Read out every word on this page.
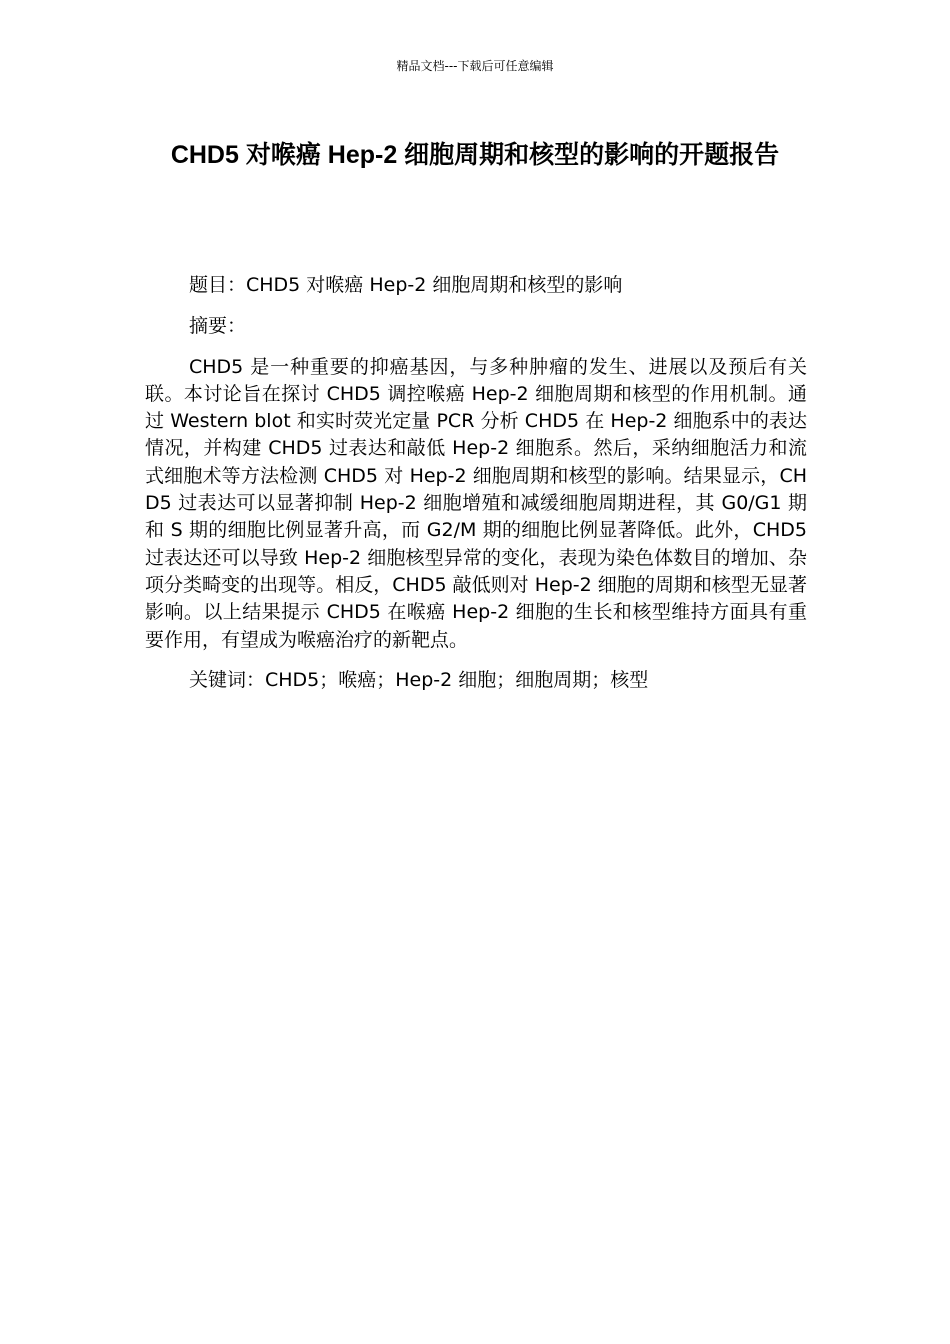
精品文档---下载后可任意编辑
CHD5 对喉癌 Hep-2 细胞周期和核型的影响的开题报告

题目：CHD5 对喉癌 Hep-2 细胞周期和核型的影响

摘要：

CHD5 是一种重要的抑癌基因，与多种肿瘤的发生、进展以及预后有关联。本讨论旨在探讨 CHD5 调控喉癌 Hep-2 细胞周期和核型的作用机制。通过 Western blot 和实时荧光定量 PCR 分析 CHD5 在 Hep-2 细胞系中的表达情况，并构建 CHD5 过表达和敲低 Hep-2 细胞系。然后，采纳细胞活力和流式细胞术等方法检测 CHD5 对 Hep-2 细胞周期和核型的影响。结果显示，CHD5 过表达可以显著抑制 Hep-2 细胞增殖和减缓细胞周期进程，其 G0/G1 期和 S 期的细胞比例显著升高，而 G2/M 期的细胞比例显著降低。此外，CHD5 过表达还可以导致 Hep-2 细胞核型异常的变化，表现为染色体数目的增加、杂项分类畸变的出现等。相反，CHD5 敲低则对 Hep-2 细胞的周期和核型无显著影响。以上结果提示 CHD5 在喉癌 Hep-2 细胞的生长和核型维持方面具有重要作用，有望成为喉癌治疗的新靶点。

关键词：CHD5；喉癌；Hep-2 细胞；细胞周期；核型
